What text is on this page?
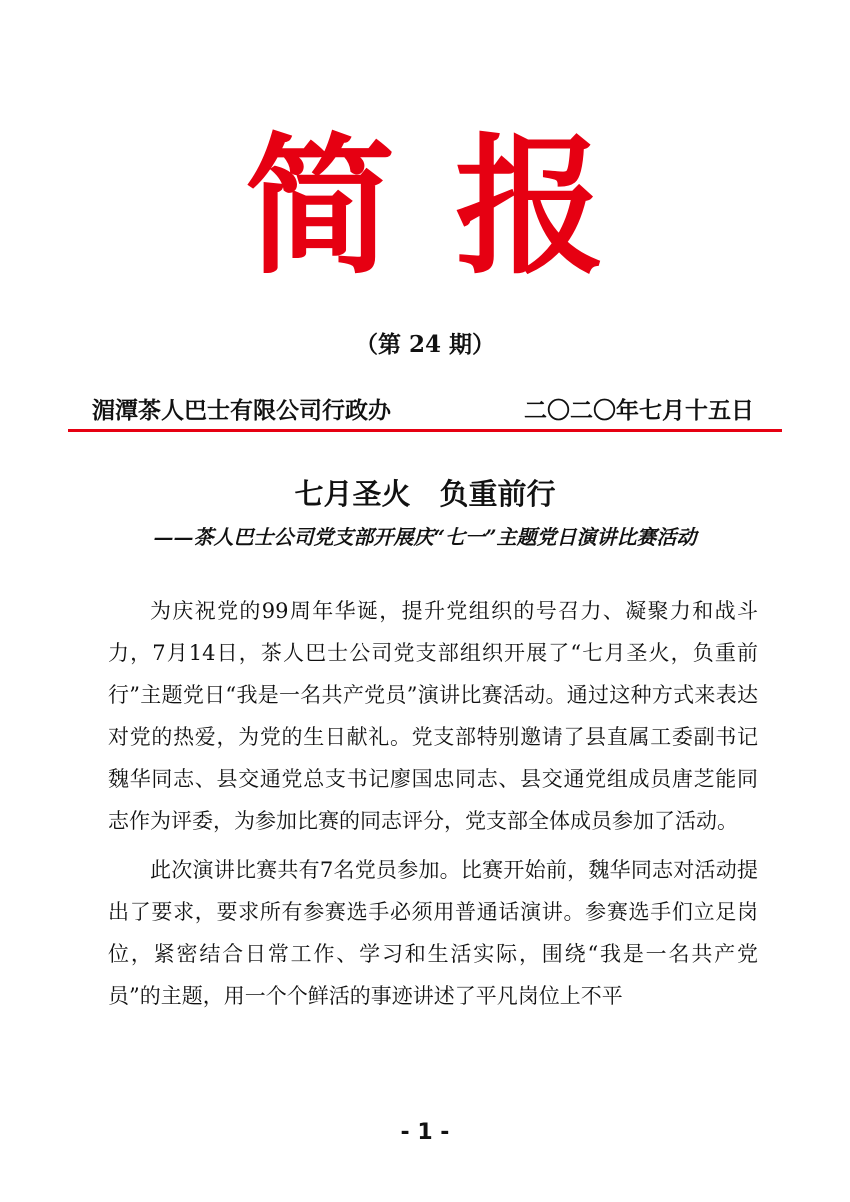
简报
（第 24 期）
湄潭茶人巴士有限公司行政办	二〇二〇年七月十五日
七月圣火　负重前行
——茶人巴士公司党支部开展庆“七一”主题党日演讲比赛活动

为庆祝党的99周年华诞，提升党组织的号召力、凝聚力和战斗力，7月14日，茶人巴士公司党支部组织开展了“七月圣火，负重前行”主题党日“我是一名共产党员”演讲比赛活动。通过这种方式来表达对党的热爱，为党的生日献礼。党支部特别邀请了县直属工委副书记魏华同志、县交通党总支书记廖国忠同志、县交通党组成员唐芝能同志作为评委，为参加比赛的同志评分，党支部全体成员参加了活动。

此次演讲比赛共有7名党员参加。比赛开始前，魏华同志对活动提出了要求，要求所有参赛选手必须用普通话演讲。参赛选手们立足岗位，紧密结合日常工作、学习和生活实际，围绕“我是一名共产党员”的主题，用一个个鲜活的事迹讲述了平凡岗位上不平

- 1 -
